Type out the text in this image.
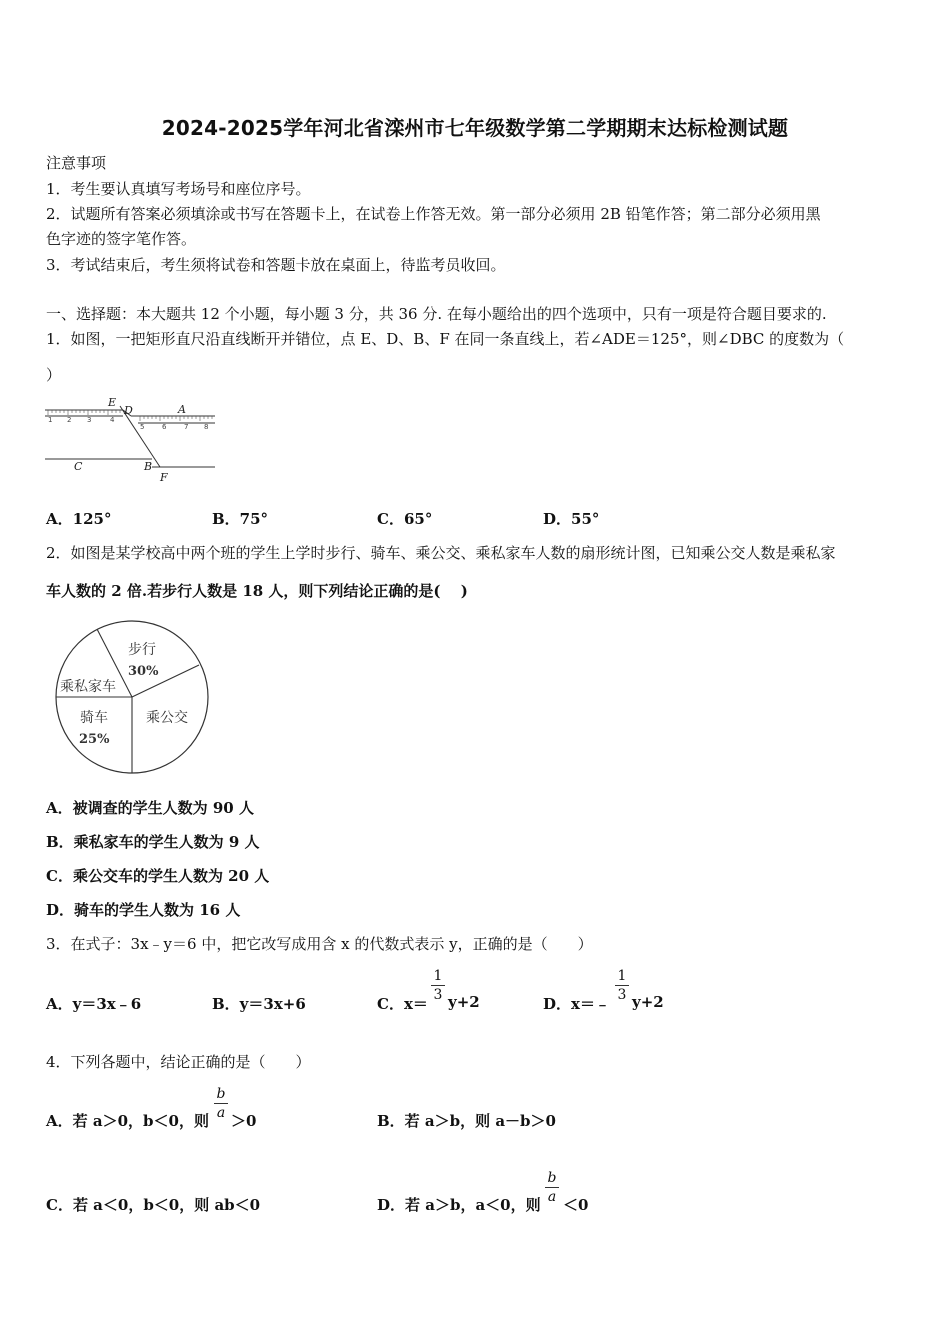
2024-2025学年河北省滦州市七年级数学第二学期期末达标检测试题
注意事项
1．考生要认真填写考场号和座位序号。
2．试题所有答案必须填涂或书写在答题卡上，在试卷上作答无效。第一部分必须用 2B 铅笔作答；第二部分必须用黑
色字迹的签字笔作答。
3．考试结束后，考生须将试卷和答题卡放在桌面上，待监考员收回。
一、选择题：本大题共 12 个小题，每小题 3 分，共 36 分. 在每小题给出的四个选项中，只有一项是符合题目要求的.
1．如图，一把矩形直尺沿直线断开并错位，点 E、D、B、F 在同一条直线上，若∠ADE＝125°，则∠DBC 的度数为（
）
1 2 3	4
5	6	7 8
E
D	A
C	B
F
A．125°	B．75°	C．65°	D．55°
2．如图是某学校高中两个班的学生上学时步行、骑车、乘公交、乘私家车人数的扇形统计图，已知乘公交人数是乘私家
车人数的 2 倍.若步行人数是 18 人，则下列结论正确的是(　 )
步行
30%
乘私家车
骑车
25%
乘公交
A．被调查的学生人数为 90 人
B．乘私家车的学生人数为 9 人
C．乘公交车的学生人数为 20 人
D．骑车的学生人数为 16 人
3．在式子：3x﹣y＝6 中，把它改写成用含 x 的代数式表示 y，正确的是（　　）
A．y＝3x﹣6	B．y＝3x+6	C．$x= \frac{1}{3} y+2$	D．x＝﹣ $\frac{1}{3} y+2$
4．下列各题中，结论正确的是（　　）
A．若 a＞0，b＜0，则 $\frac{b}{a} >0$	B．若 a＞b，则 a－b＞0
C．若 a＜0，b＜0，则 ab＜0	D．若 a＞b，a＜0，则 $\frac{b}{a} <0$
